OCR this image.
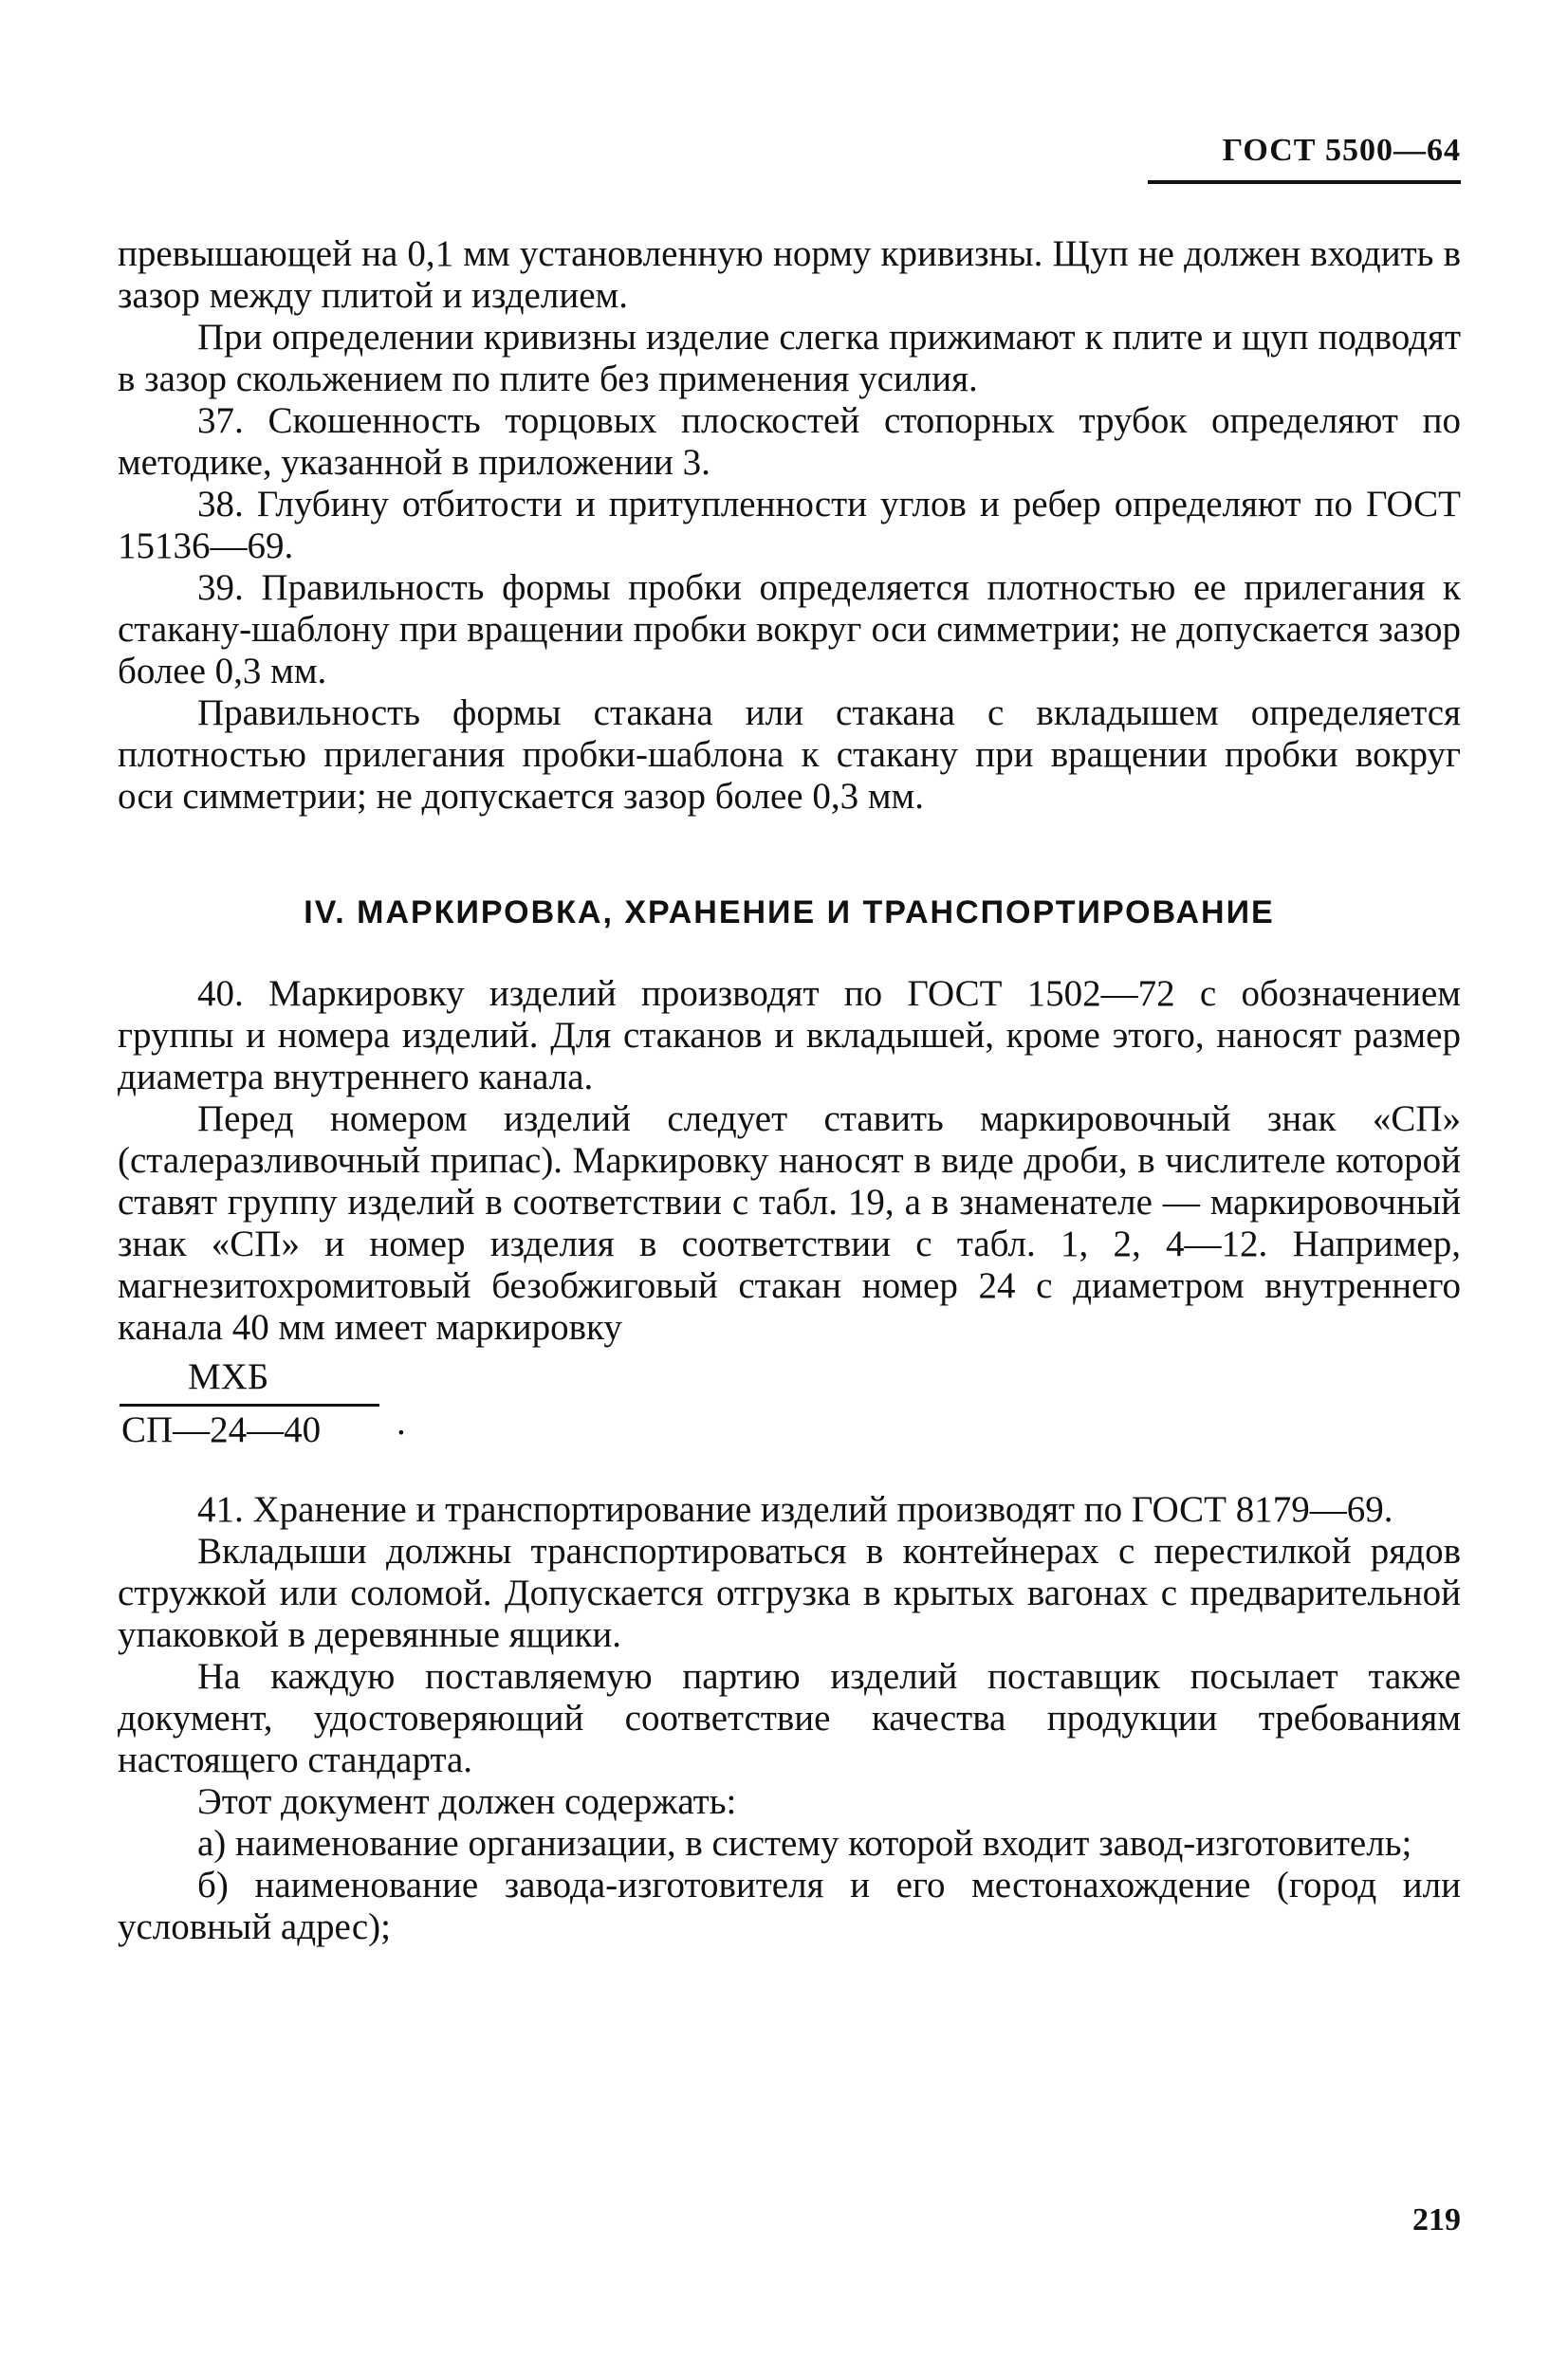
ГОСТ 5500—64

превышающей на 0,1 мм установленную норму кривизны. Щуп не должен входить в зазор между плитой и изделием.

При определении кривизны изделие слегка прижимают к плите и щуп подводят в зазор скольжением по плите без применения усилия.

37. Скошенность торцовых плоскостей стопорных трубок определяют по методике, указанной в приложении 3.

38. Глубину отбитости и притупленности углов и ребер определяют по ГОСТ 15136—69.

39. Правильность формы пробки определяется плотностью ее прилегания к стакану-шаблону при вращении пробки вокруг оси симметрии; не допускается зазор более 0,3 мм.

Правильность формы стакана или стакана с вкладышем определяется плотностью прилегания пробки-шаблона к стакану при вращении пробки вокруг оси симметрии; не допускается зазор более 0,3 мм.

IV. МАРКИРОВКА, ХРАНЕНИЕ И ТРАНСПОРТИРОВАНИЕ

40. Маркировку изделий производят по ГОСТ 1502—72 с обозначением группы и номера изделий. Для стаканов и вкладышей, кроме этого, наносят размер диаметра внутреннего канала.

Перед номером изделий следует ставить маркировочный знак «СП» (сталеразливочный припас). Маркировку наносят в виде дроби, в числителе которой ставят группу изделий в соответствии с табл. 19, а в знаменателе — маркировочный знак «СП» и номер изделия в соответствии с табл. 1, 2, 4—12. Например, магнезитохромитовый безобжиговый стакан номер 24 с диаметром внутреннего канала 40 мм имеет маркировку

МХБ
СП—24—40 .

41. Хранение и транспортирование изделий производят по ГОСТ 8179—69.

Вкладыши должны транспортироваться в контейнерах с перестилкой рядов стружкой или соломой. Допускается отгрузка в крытых вагонах с предварительной упаковкой в деревянные ящики.

На каждую поставляемую партию изделий поставщик посылает также документ, удостоверяющий соответствие качества продукции требованиям настоящего стандарта.

Этот документ должен содержать:

а) наименование организации, в систему которой входит завод-изготовитель;

б) наименование завода-изготовителя и его местонахождение (город или условный адрес);

219
